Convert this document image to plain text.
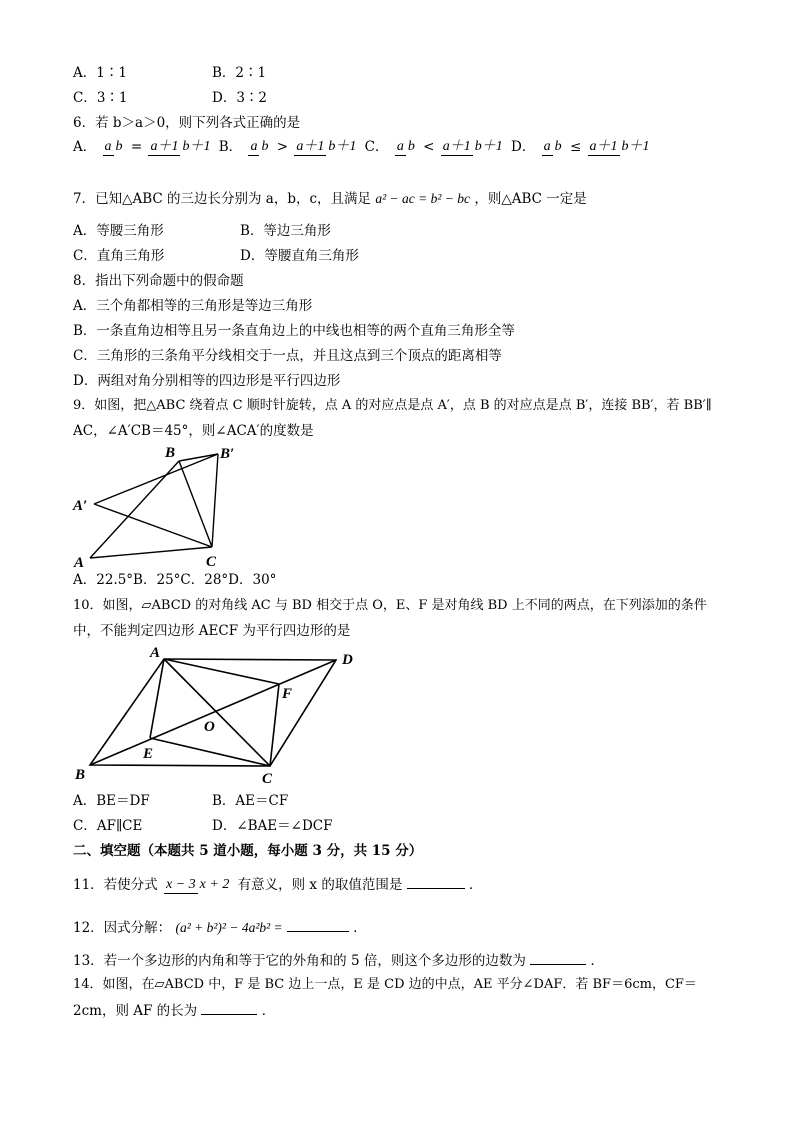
A．1∶1	B．2∶1
C．3∶1	D．3∶2
6．若 b＞a＞0，则下列各式正确的是
A． a b = a＋1 b＋1 B． a b > a＋1 b＋1 C． a b < a＋1 b＋1 D． a b ≤ a＋1 b＋1
7．已知△ABC 的三边长分别为 a，b，c，且满足 a² − ac = b² − bc ，则△ABC 一定是
A．等腰三角形	B．等边三角形
C．直角三角形	D．等腰直角三角形
8．指出下列命题中的假命题
A．三个角都相等的三角形是等边三角形
B．一条直角边相等且另一条直角边上的中线也相等的两个直角三角形全等
C．三角形的三条角平分线相交于一点，并且这点到三个顶点的距离相等
D．两组对角分别相等的四边形是平行四边形
9．如图，把△ABC 绕着点 C 顺时针旋转，点 A 的对应点是点 A′，点 B 的对应点是点 B′，连接 BB′，若 BB′∥
AC，∠A′CB＝45°，则∠ACA′的度数是
B	B′
A′
A	C
A．22.5°B．25°C．28°D．30°
10．如图，▱ABCD 的对角线 AC 与 BD 相交于点 O，E、F 是对角线 BD 上不同的两点，在下列添加的条件
中，不能判定四边形 AECF 为平行四边形的是
A	D
F
O
E
B	C
A．BE＝DF	B．AE＝CF
C．AF∥CE	D．∠BAE＝∠DCF
二、填空题（本题共 5 道小题，每小题 3 分，共 15 分）
11．若使分式 x − 3 x + 2 有意义，则 x 的取值范围是	．
12．因式分解： (a² + b²)² − 4a²b² =	．
13．若一个多边形的内角和等于它的外角和的 5 倍，则这个多边形的边数为	．
14．如图，在▱ABCD 中，F 是 BC 边上一点，E 是 CD 边的中点，AE 平分∠DAF．若 BF＝6cm，CF＝
2cm，则 AF 的长为	．
